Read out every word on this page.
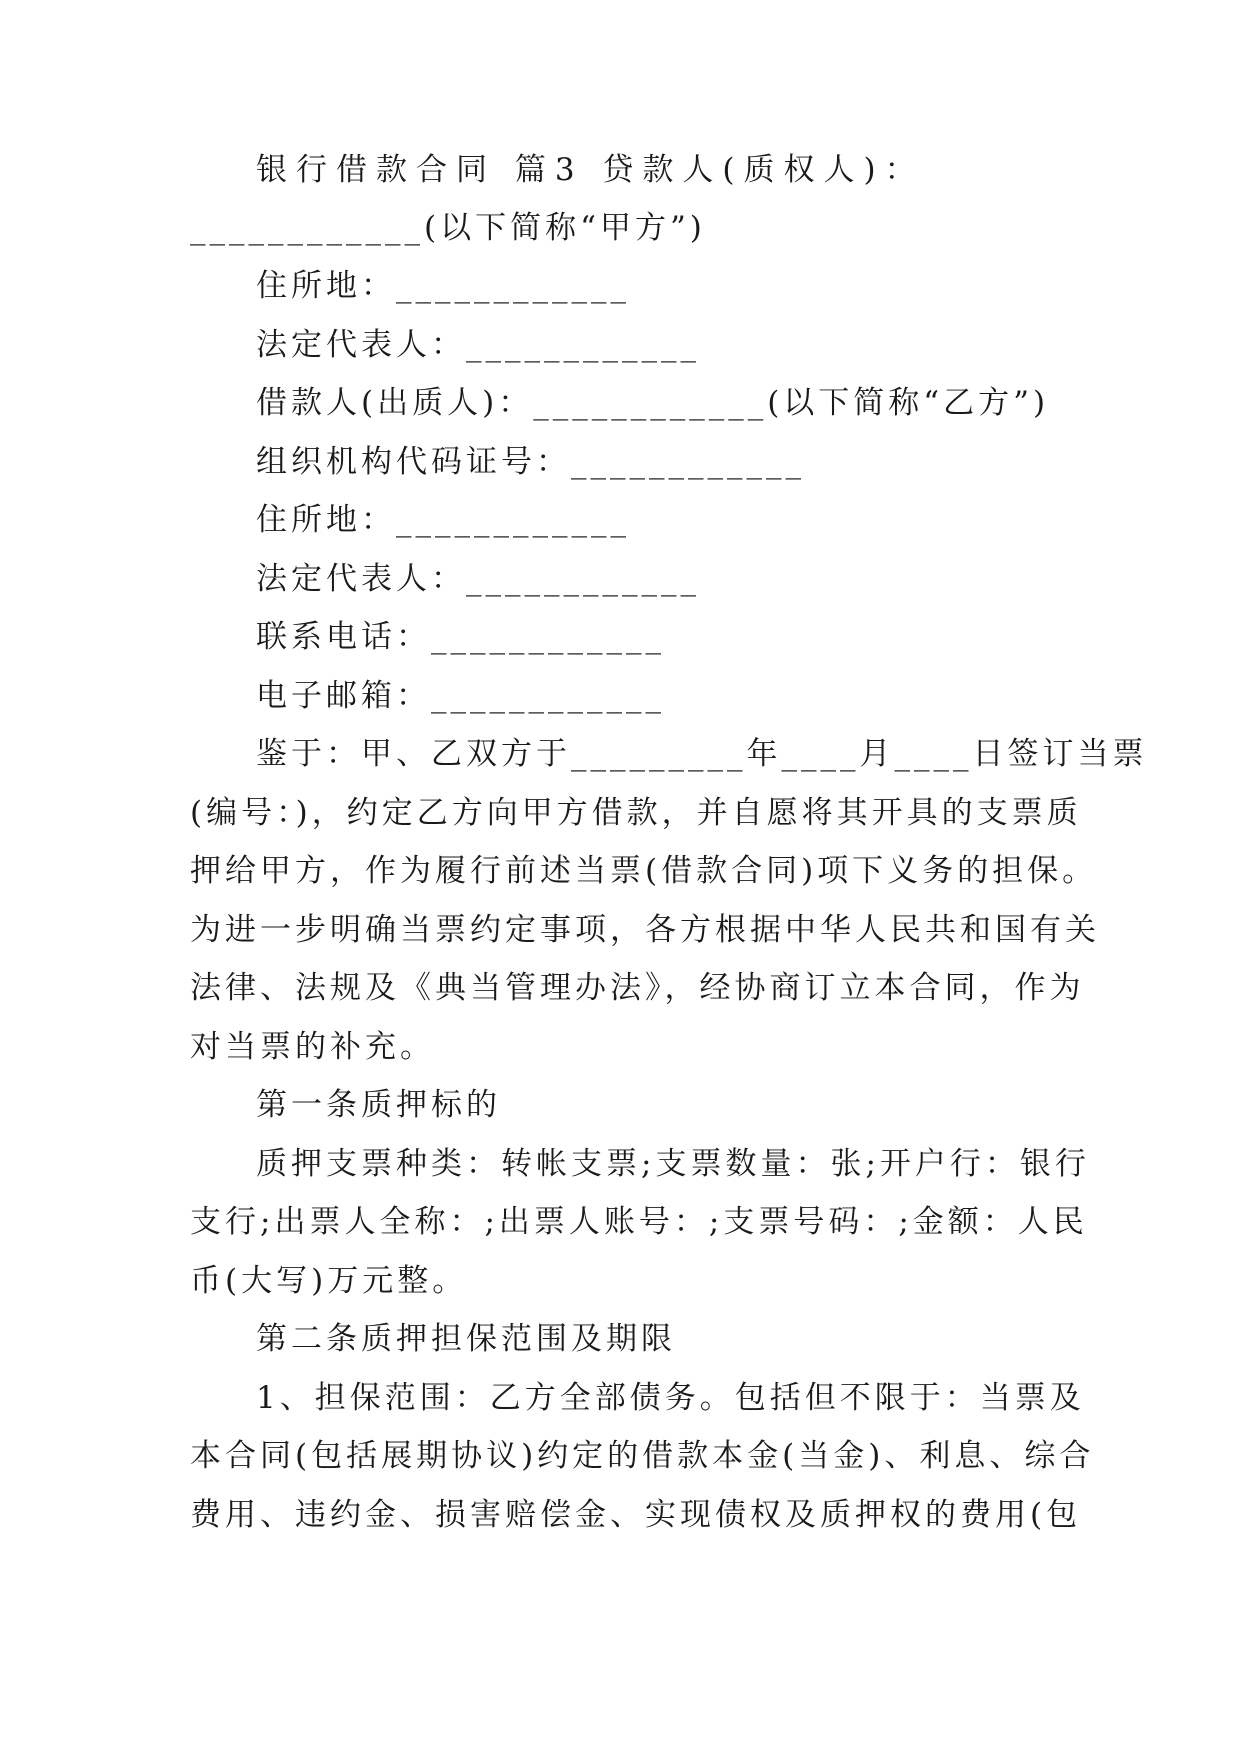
银行借款合同 篇3 贷款人(质权人)：
____________(以下简称“甲方”)
住所地：____________
法定代表人：____________
借款人(出质人)：____________(以下简称“乙方”)
组织机构代码证号：____________
住所地：____________
法定代表人：____________
联系电话：____________
电子邮箱：____________
鉴于：甲、乙双方于_________年____月____日签订当票
(编号：)，约定乙方向甲方借款，并自愿将其开具的支票质
押给甲方，作为履行前述当票(借款合同)项下义务的担保。
为进一步明确当票约定事项，各方根据中华人民共和国有关
法律、法规及《典当管理办法》，经协商订立本合同，作为
对当票的补充。
第一条质押标的
质押支票种类：转帐支票;支票数量：张;开户行：银行
支行;出票人全称：;出票人账号：;支票号码：;金额：人民
币(大写)万元整。
第二条质押担保范围及期限
1、担保范围：乙方全部债务。包括但不限于：当票及
本合同(包括展期协议)约定的借款本金(当金)、利息、综合
费用、违约金、损害赔偿金、实现债权及质押权的费用(包
